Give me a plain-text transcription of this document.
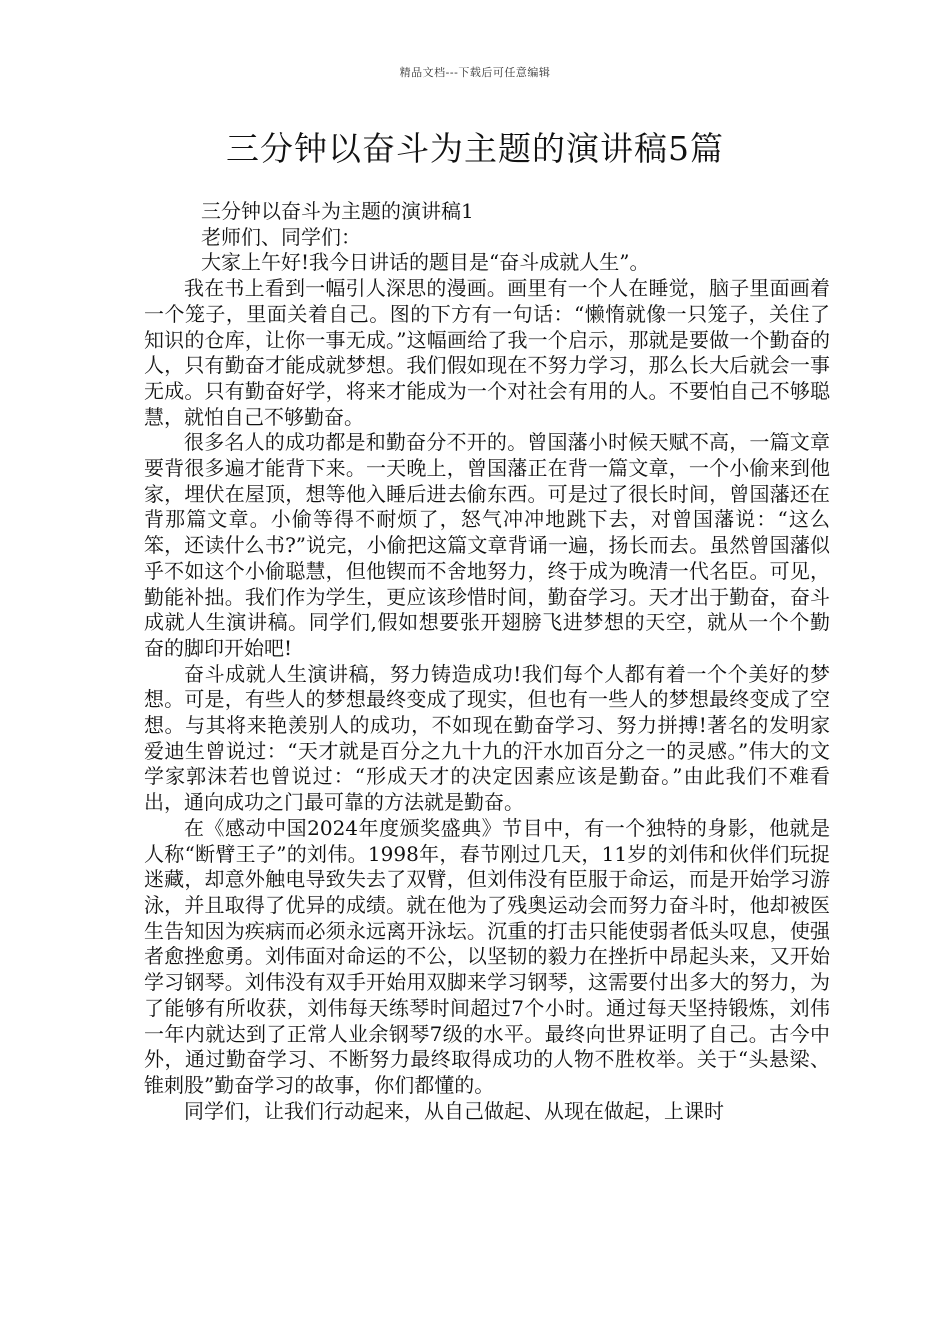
精品文档---下载后可任意编辑
三分钟以奋斗为主题的演讲稿5篇

三分钟以奋斗为主题的演讲稿1

老师们、同学们：

大家上午好!我今日讲话的题目是“奋斗成就人生”。

我在书上看到一幅引人深思的漫画。画里有一个人在睡觉，脑子里面画着一个笼子，里面关着自己。图的下方有一句话：“懒惰就像一只笼子，关住了知识的仓库，让你一事无成。”这幅画给了我一个启示，那就是要做一个勤奋的人，只有勤奋才能成就梦想。我们假如现在不努力学习，那么长大后就会一事无成。只有勤奋好学，将来才能成为一个对社会有用的人。不要怕自己不够聪慧，就怕自己不够勤奋。

很多名人的成功都是和勤奋分不开的。曾国藩小时候天赋不高，一篇文章要背很多遍才能背下来。一天晚上，曾国藩正在背一篇文章，一个小偷来到他家，埋伏在屋顶，想等他入睡后进去偷东西。可是过了很长时间，曾国藩还在背那篇文章。小偷等得不耐烦了，怒气冲冲地跳下去，对曾国藩说：“这么笨，还读什么书?”说完，小偷把这篇文章背诵一遍，扬长而去。虽然曾国藩似乎不如这个小偷聪慧，但他锲而不舍地努力，终于成为晚清一代名臣。可见，勤能补拙。我们作为学生，更应该珍惜时间，勤奋学习。天才出于勤奋，奋斗成就人生演讲稿。同学们,假如想要张开翅膀飞进梦想的天空，就从一个个勤奋的脚印开始吧!

奋斗成就人生演讲稿，努力铸造成功!我们每个人都有着一个个美好的梦想。可是，有些人的梦想最终变成了现实，但也有一些人的梦想最终变成了空想。与其将来艳羡别人的成功，不如现在勤奋学习、努力拼搏!著名的发明家爱迪生曾说过：“天才就是百分之九十九的汗水加百分之一的灵感。”伟大的文学家郭沫若也曾说过：“形成天才的决定因素应该是勤奋。”由此我们不难看出，通向成功之门最可靠的方法就是勤奋。

在《感动中国2024年度颁奖盛典》节目中，有一个独特的身影，他就是人称“断臂王子”的刘伟。1998年，春节刚过几天，11岁的刘伟和伙伴们玩捉迷藏，却意外触电导致失去了双臂，但刘伟没有臣服于命运，而是开始学习游泳，并且取得了优异的成绩。就在他为了残奥运动会而努力奋斗时，他却被医生告知因为疾病而必须永远离开泳坛。沉重的打击只能使弱者低头叹息，使强者愈挫愈勇。刘伟面对命运的不公，以坚韧的毅力在挫折中昂起头来，又开始学习钢琴。刘伟没有双手开始用双脚来学习钢琴，这需要付出多大的努力，为了能够有所收获，刘伟每天练琴时间超过7个小时。通过每天坚持锻炼，刘伟一年内就达到了正常人业余钢琴7级的水平。最终向世界证明了自己。古今中外，通过勤奋学习、不断努力最终取得成功的人物不胜枚举。关于“头悬梁、锥刺股”勤奋学习的故事，你们都懂的。

同学们，让我们行动起来，从自己做起、从现在做起，上课时
